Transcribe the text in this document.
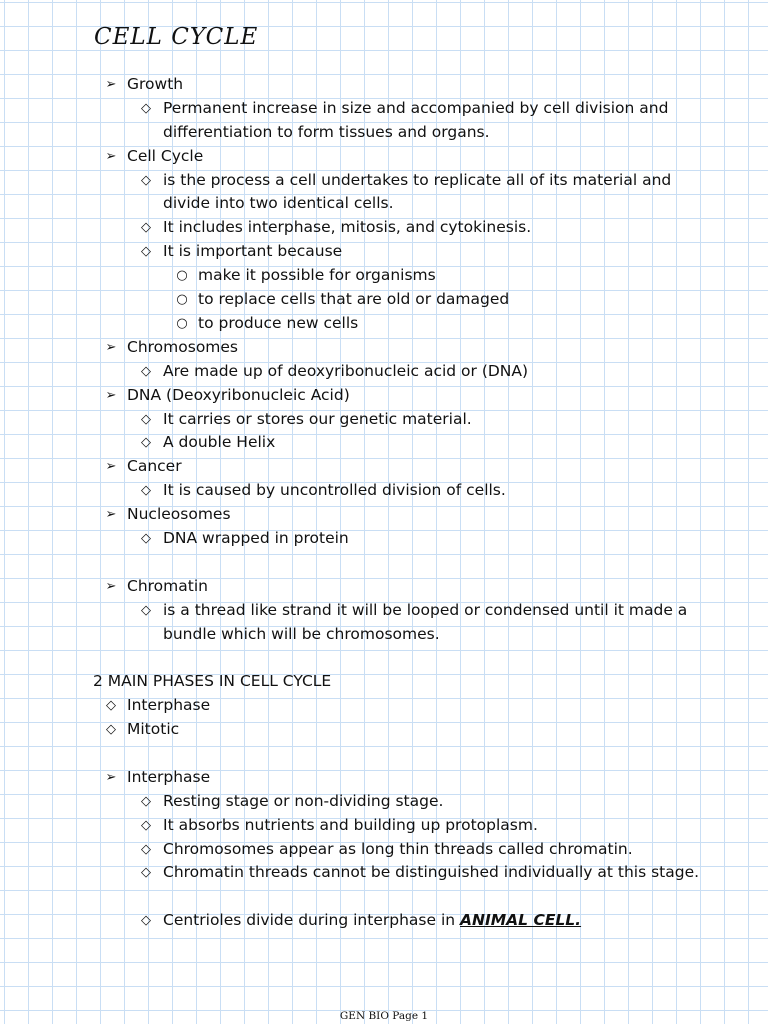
CELL CYCLE
➢ Growth
◇ Permanent increase in size and accompanied by cell division and differentiation to form tissues and organs.
➢ Cell Cycle
◇ is the process a cell undertakes to replicate all of its material and divide into two identical cells.
◇ It includes interphase, mitosis, and cytokinesis.
◇ It is important because
○ make it possible for organisms
○ to replace cells that are old or damaged
○ to produce new cells
➢ Chromosomes
◇ Are made up of deoxyribonucleic acid or (DNA)
➢ DNA (Deoxyribonucleic Acid)
◇ It carries or stores our genetic material.
◇ A double Helix
➢ Cancer
◇ It is caused by uncontrolled division of cells.
➢ Nucleosomes
◇ DNA wrapped in protein
➢ Chromatin
◇ is a thread like strand it will be looped or condensed until it made a bundle which will be chromosomes.
2 MAIN PHASES IN CELL CYCLE
◇ Interphase
◇ Mitotic
➢ Interphase
◇ Resting stage or non-dividing stage.
◇ It absorbs nutrients and building up protoplasm.
◇ Chromosomes appear as long thin threads called chromatin.
◇ Chromatin threads cannot be distinguished individually at this stage.
◇ Centrioles divide during interphase in ANIMAL CELL.
GEN BIO Page 1
